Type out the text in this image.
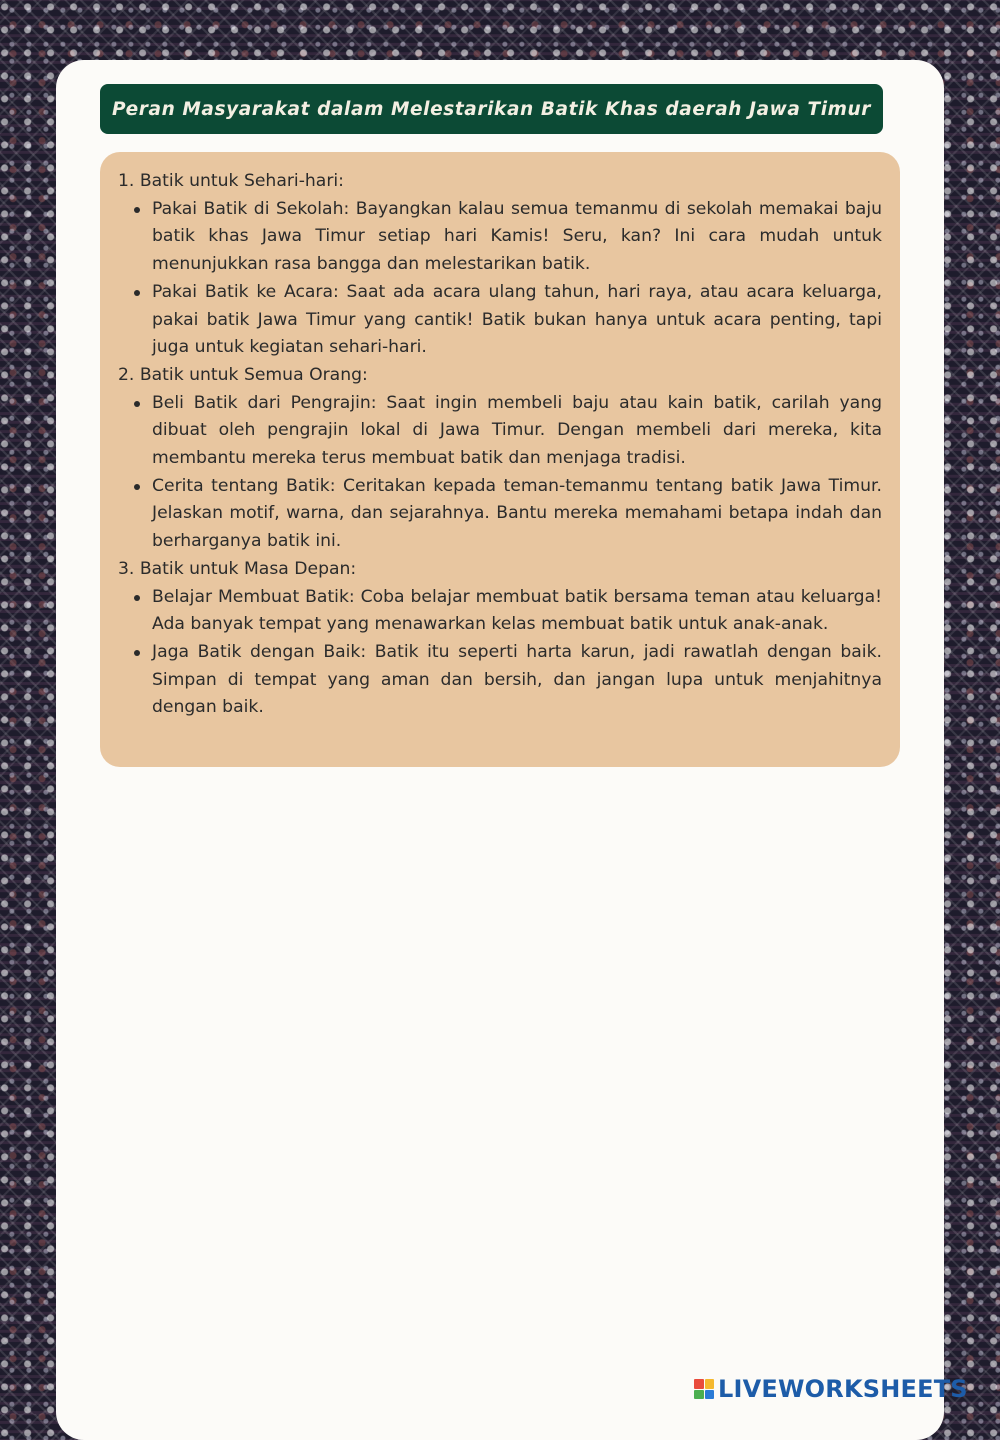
Peran Masyarakat dalam Melestarikan Batik Khas daerah Jawa Timur

1. Batik untuk Sehari-hari:

Pakai Batik di Sekolah: Bayangkan kalau semua temanmu di sekolah memakai baju batik khas Jawa Timur setiap hari Kamis! Seru, kan? Ini cara mudah untuk menunjukkan rasa bangga dan melestarikan batik.
Pakai Batik ke Acara: Saat ada acara ulang tahun, hari raya, atau acara keluarga, pakai batik Jawa Timur yang cantik! Batik bukan hanya untuk acara penting, tapi juga untuk kegiatan sehari-hari.

2. Batik untuk Semua Orang:

Beli Batik dari Pengrajin: Saat ingin membeli baju atau kain batik, carilah yang dibuat oleh pengrajin lokal di Jawa Timur. Dengan membeli dari mereka, kita membantu mereka terus membuat batik dan menjaga tradisi.
Cerita tentang Batik: Ceritakan kepada teman-temanmu tentang batik Jawa Timur. Jelaskan motif, warna, dan sejarahnya. Bantu mereka memahami betapa indah dan berharganya batik ini.

3. Batik untuk Masa Depan:

Belajar Membuat Batik: Coba belajar membuat batik bersama teman atau keluarga! Ada banyak tempat yang menawarkan kelas membuat batik untuk anak-anak.
Jaga Batik dengan Baik: Batik itu seperti harta karun, jadi rawatlah dengan baik. Simpan di tempat yang aman dan bersih, dan jangan lupa untuk menjahitnya dengan baik.
LIVEWORKSHEETS
